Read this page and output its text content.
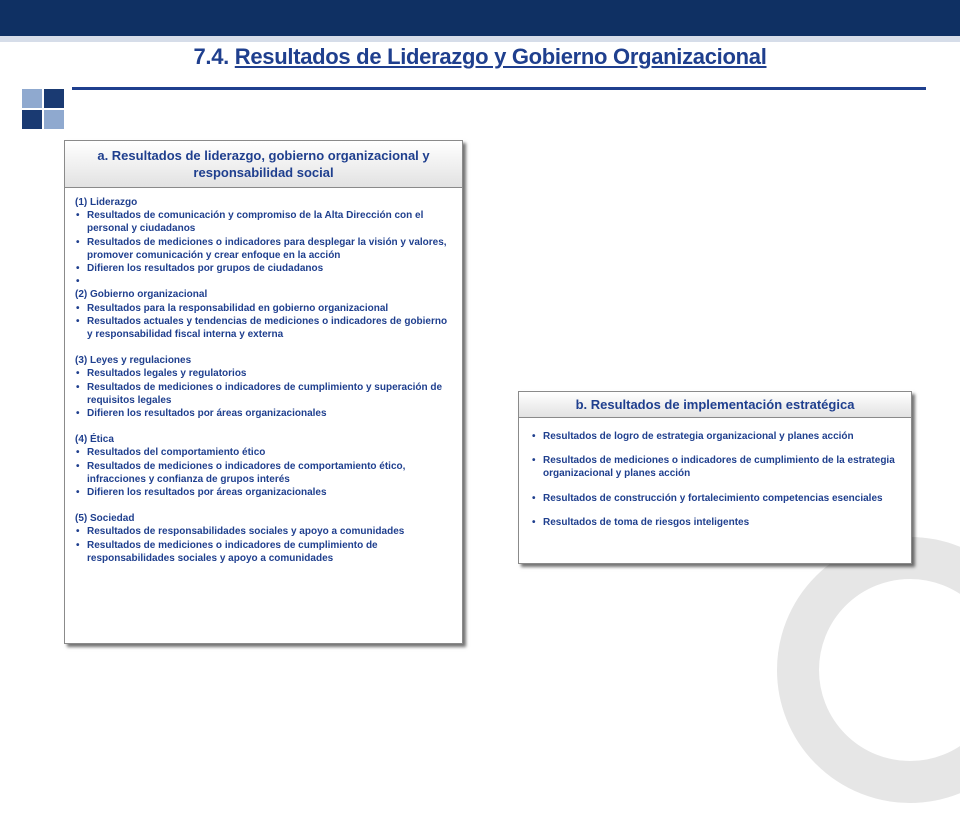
7.4. Resultados de Liderazgo y Gobierno Organizacional
a. Resultados de liderazgo, gobierno organizacional y responsabilidad social
(1) Liderazgo
• Resultados de comunicación y compromiso de la Alta Dirección con el personal y ciudadanos
• Resultados de mediciones o indicadores para desplegar la visión y valores, promover comunicación y crear enfoque en la acción
• Difieren los resultados por grupos de ciudadanos
•
(2) Gobierno organizacional
• Resultados para la responsabilidad en gobierno organizacional
• Resultados actuales y tendencias de mediciones o indicadores de gobierno y responsabilidad fiscal interna y externa
(3) Leyes y regulaciones
• Resultados legales y regulatorios
• Resultados de mediciones o indicadores de cumplimiento y superación de requisitos legales
• Difieren los resultados por áreas organizacionales
(4) Ética
• Resultados del comportamiento ético
• Resultados de mediciones o indicadores de comportamiento ético, infracciones y confianza de grupos interés
• Difieren los resultados por áreas organizacionales
(5) Sociedad
• Resultados de responsabilidades sociales y apoyo a comunidades
• Resultados de mediciones o indicadores de cumplimiento de responsabilidades sociales y apoyo a comunidades
b. Resultados de implementación estratégica
• Resultados de logro de estrategia organizacional y planes acción
• Resultados de mediciones o indicadores de cumplimiento de la estrategia organizacional y planes acción
• Resultados de construcción y fortalecimiento competencias esenciales
• Resultados de toma de riesgos inteligentes
